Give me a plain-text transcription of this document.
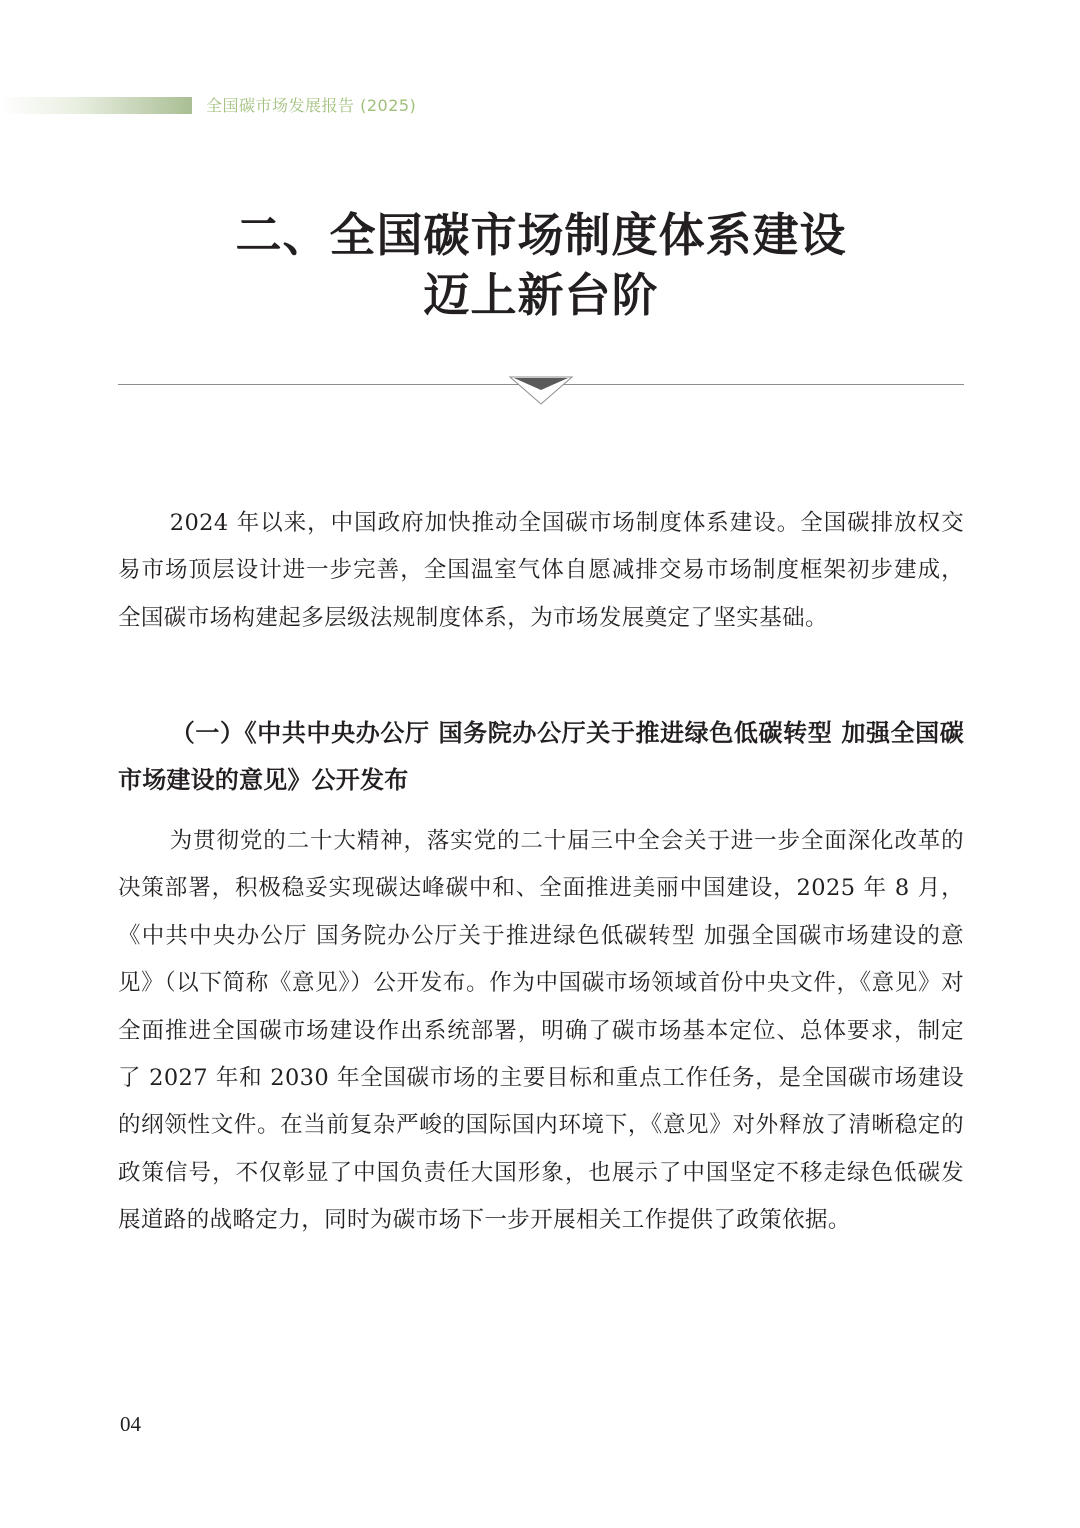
全国碳市场发展报告 (2025)
二、全国碳市场制度体系建设
迈上新台阶

2024 年以来，中国政府加快推动全国碳市场制度体系建设。全国碳排放权交易市场顶层设计进一步完善，全国温室气体自愿减排交易市场制度框架初步建成，全国碳市场构建起多层级法规制度体系，为市场发展奠定了坚实基础。

（一）《中共中央办公厅 国务院办公厅关于推进绿色低碳转型 加强全国碳市场建设的意见》公开发布

为贯彻党的二十大精神，落实党的二十届三中全会关于进一步全面深化改革的决策部署，积极稳妥实现碳达峰碳中和、全面推进美丽中国建设，2025 年 8 月，《中共中央办公厅 国务院办公厅关于推进绿色低碳转型 加强全国碳市场建设的意见》（以下简称《意见》）公开发布。作为中国碳市场领域首份中央文件，《意见》对全面推进全国碳市场建设作出系统部署，明确了碳市场基本定位、总体要求，制定了 2027 年和 2030 年全国碳市场的主要目标和重点工作任务，是全国碳市场建设的纲领性文件。在当前复杂严峻的国际国内环境下，《意见》对外释放了清晰稳定的政策信号，不仅彰显了中国负责任大国形象，也展示了中国坚定不移走绿色低碳发展道路的战略定力，同时为碳市场下一步开展相关工作提供了政策依据。

04
